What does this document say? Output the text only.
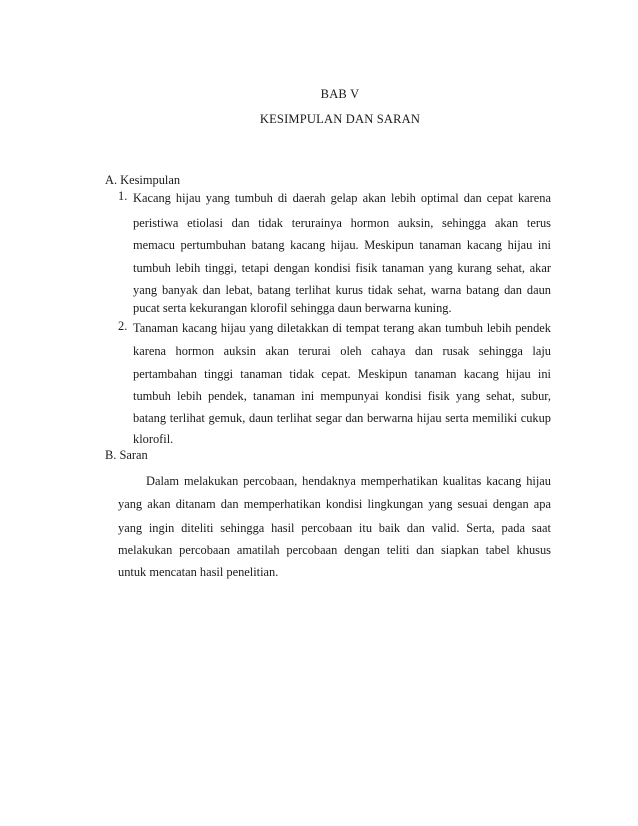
BAB V
KESIMPULAN DAN SARAN
A. Kesimpulan
1. Kacang hijau yang tumbuh di daerah gelap akan lebih optimal dan cepat karena
peristiwa etiolasi dan tidak terurainya hormon auksin, sehingga akan terus
memacu pertumbuhan batang kacang hijau. Meskipun tanaman kacang hijau ini
tumbuh lebih tinggi, tetapi dengan kondisi fisik tanaman yang kurang sehat, akar
yang banyak dan lebat, batang terlihat kurus tidak sehat, warna batang dan daun
pucat serta kekurangan klorofil sehingga daun berwarna kuning.
2. Tanaman kacang hijau yang diletakkan di tempat terang akan tumbuh lebih pendek
karena hormon auksin akan terurai oleh cahaya dan rusak sehingga laju
pertambahan tinggi tanaman tidak cepat. Meskipun tanaman kacang hijau ini
tumbuh lebih pendek, tanaman ini mempunyai kondisi fisik yang sehat, subur,
batang terlihat gemuk, daun terlihat segar dan berwarna hijau serta memiliki cukup
klorofil.
B. Saran
Dalam melakukan percobaan, hendaknya memperhatikan kualitas kacang hijau
yang akan ditanam dan memperhatikan kondisi lingkungan yang sesuai dengan apa
yang ingin diteliti sehingga hasil percobaan itu baik dan valid. Serta, pada saat
melakukan percobaan amatilah percobaan dengan teliti dan siapkan tabel khusus
untuk mencatan hasil penelitian.
